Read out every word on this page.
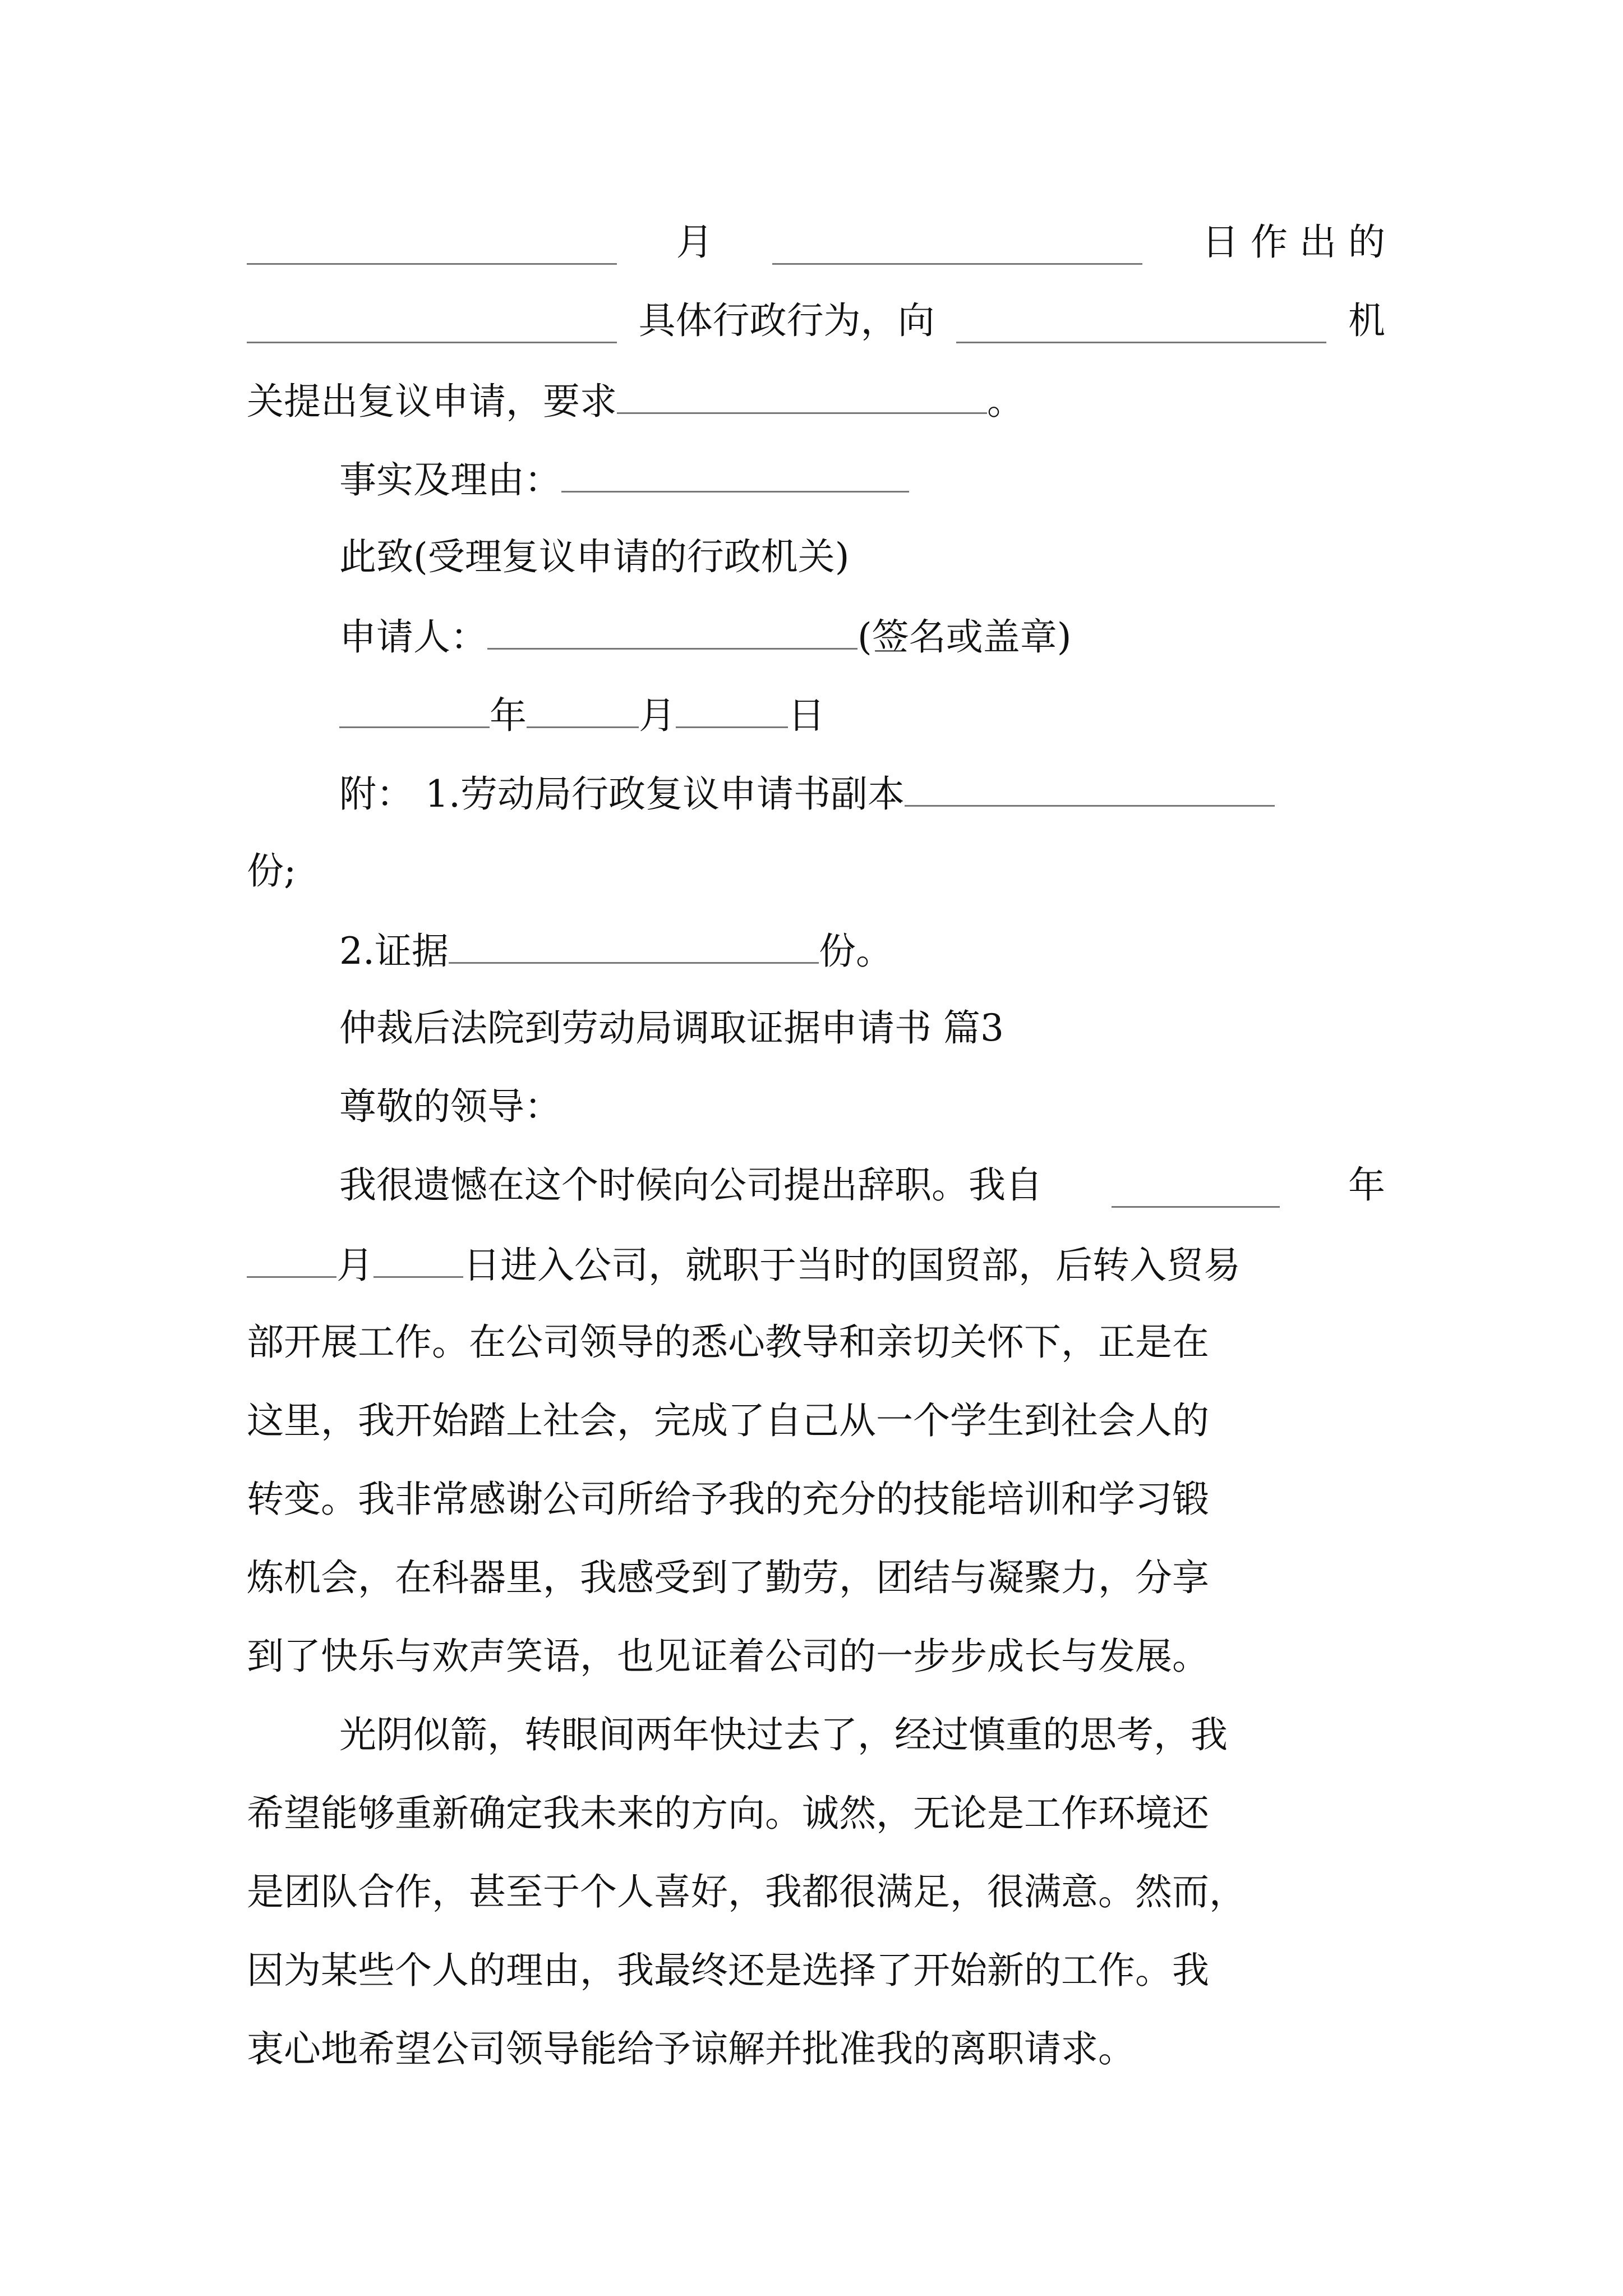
月	日 作 出 的
具体行政行为，向	机
关提出复议申请，要求	。
事实及理由：
此致(受理复议申请的行政机关)
申请人：	(签名或盖章)
年	月	日
附： 1.劳动局行政复议申请书副本
份;
2.证据	份。
仲裁后法院到劳动局调取证据申请书 篇3
尊敬的领导：
我很遗憾在这个时候向公司提出辞职。我自	年
月 日进入公司，就职于当时的国贸部，后转入贸易
部开展工作。在公司领导的悉心教导和亲切关怀下，正是在
这里，我开始踏上社会，完成了自己从一个学生到社会人的
转变。我非常感谢公司所给予我的充分的技能培训和学习锻
炼机会，在科器里，我感受到了勤劳，团结与凝聚力，分享
到了快乐与欢声笑语，也见证着公司的一步步成长与发展。
光阴似箭，转眼间两年快过去了，经过慎重的思考，我
希望能够重新确定我未来的方向。诚然，无论是工作环境还
是团队合作，甚至于个人喜好，我都很满足，很满意。然而，
因为某些个人的理由，我最终还是选择了开始新的工作。我
衷心地希望公司领导能给予谅解并批准我的离职请求。
